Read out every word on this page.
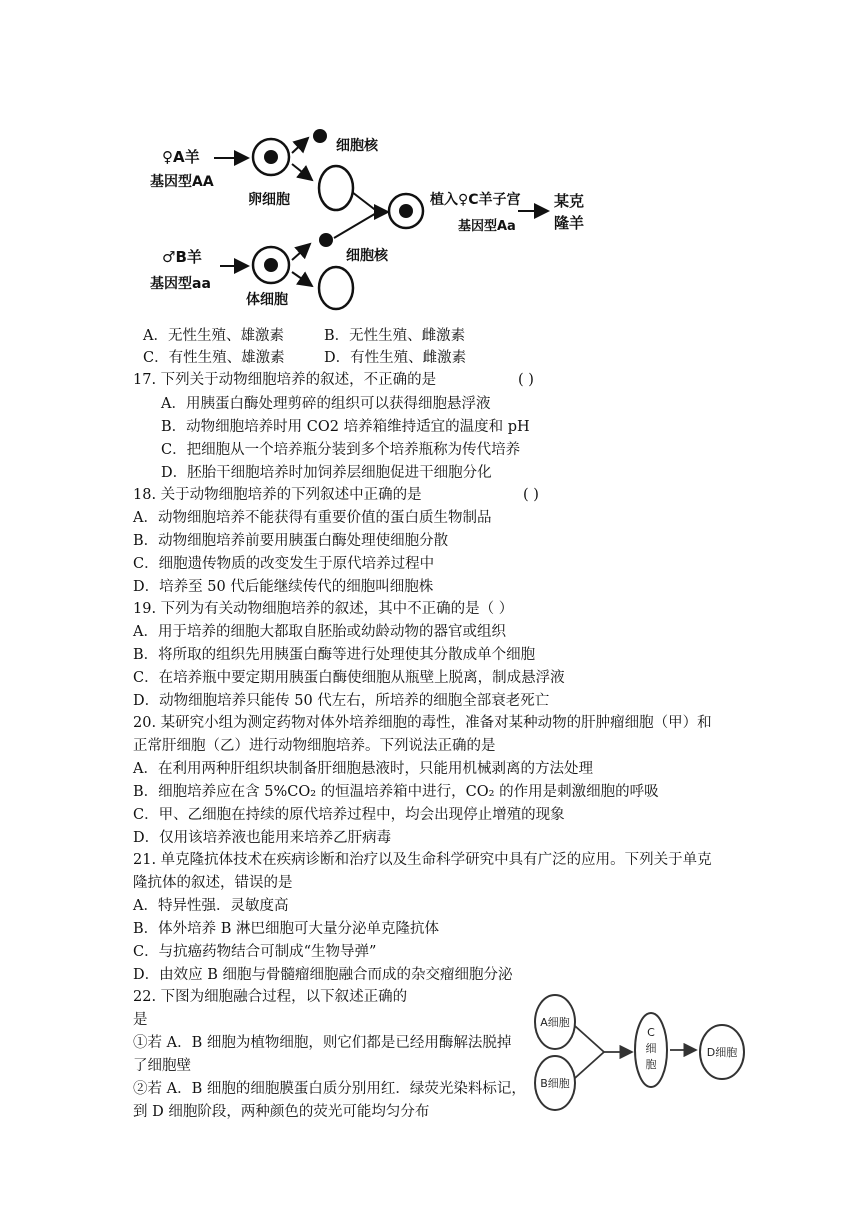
♀A羊
基因型AA
卵细胞
细胞核
植入♀C羊子宫
基因型Aa
某克
隆羊
♂B羊
基因型aa
体细胞
细胞核
A．无性生殖、雄激素	B．无性生殖、雌激素
C．有性生殖、雄激素	D．有性生殖、雌激素
17. 下列关于动物细胞培养的叙述，不正确的是	( )
A．用胰蛋白酶处理剪碎的组织可以获得细胞悬浮液
B．动物细胞培养时用 CO2 培养箱维持适宜的温度和 pH
C．把细胞从一个培养瓶分装到多个培养瓶称为传代培养
D．胚胎干细胞培养时加饲养层细胞促进干细胞分化
18. 关于动物细胞培养的下列叙述中正确的是	( )
A．动物细胞培养不能获得有重要价值的蛋白质生物制品
B．动物细胞培养前要用胰蛋白酶处理使细胞分散
C．细胞遗传物质的改变发生于原代培养过程中
D．培养至 50 代后能继续传代的细胞叫细胞株
19. 下列为有关动物细胞培养的叙述，其中不正确的是（ ）
A．用于培养的细胞大都取自胚胎或幼龄动物的器官或组织
B．将所取的组织先用胰蛋白酶等进行处理使其分散成单个细胞
C．在培养瓶中要定期用胰蛋白酶使细胞从瓶壁上脱离，制成悬浮液
D．动物细胞培养只能传 50 代左右，所培养的细胞全部衰老死亡
20. 某研究小组为测定药物对体外培养细胞的毒性，准备对某种动物的肝肿瘤细胞（甲）和
正常肝细胞（乙）进行动物细胞培养。下列说法正确的是
A．在利用两种肝组织块制备肝细胞悬液时，只能用机械剥离的方法处理
B．细胞培养应在含 5%CO₂ 的恒温培养箱中进行，CO₂ 的作用是刺激细胞的呼吸
C．甲、乙细胞在持续的原代培养过程中，均会出现停止增殖的现象
D．仅用该培养液也能用来培养乙肝病毒
21. 单克隆抗体技术在疾病诊断和治疗以及生命科学研究中具有广泛的应用。下列关于单克
隆抗体的叙述，错误的是
A．特异性强．灵敏度高
B．体外培养 B 淋巴细胞可大量分泌单克隆抗体
C．与抗癌药物结合可制成“生物导弹”
D．由效应 B 细胞与骨髓瘤细胞融合而成的杂交瘤细胞分泌
22. 下图为细胞融合过程，以下叙述正确的
是
①若 A．B 细胞为植物细胞，则它们都是已经用酶解法脱掉
了细胞壁
②若 A．B 细胞的细胞膜蛋白质分别用红．绿荧光染料标记，
到 D 细胞阶段，两种颜色的荧光可能均匀分布
A细胞
B细胞
C
细
胞
D细胞
